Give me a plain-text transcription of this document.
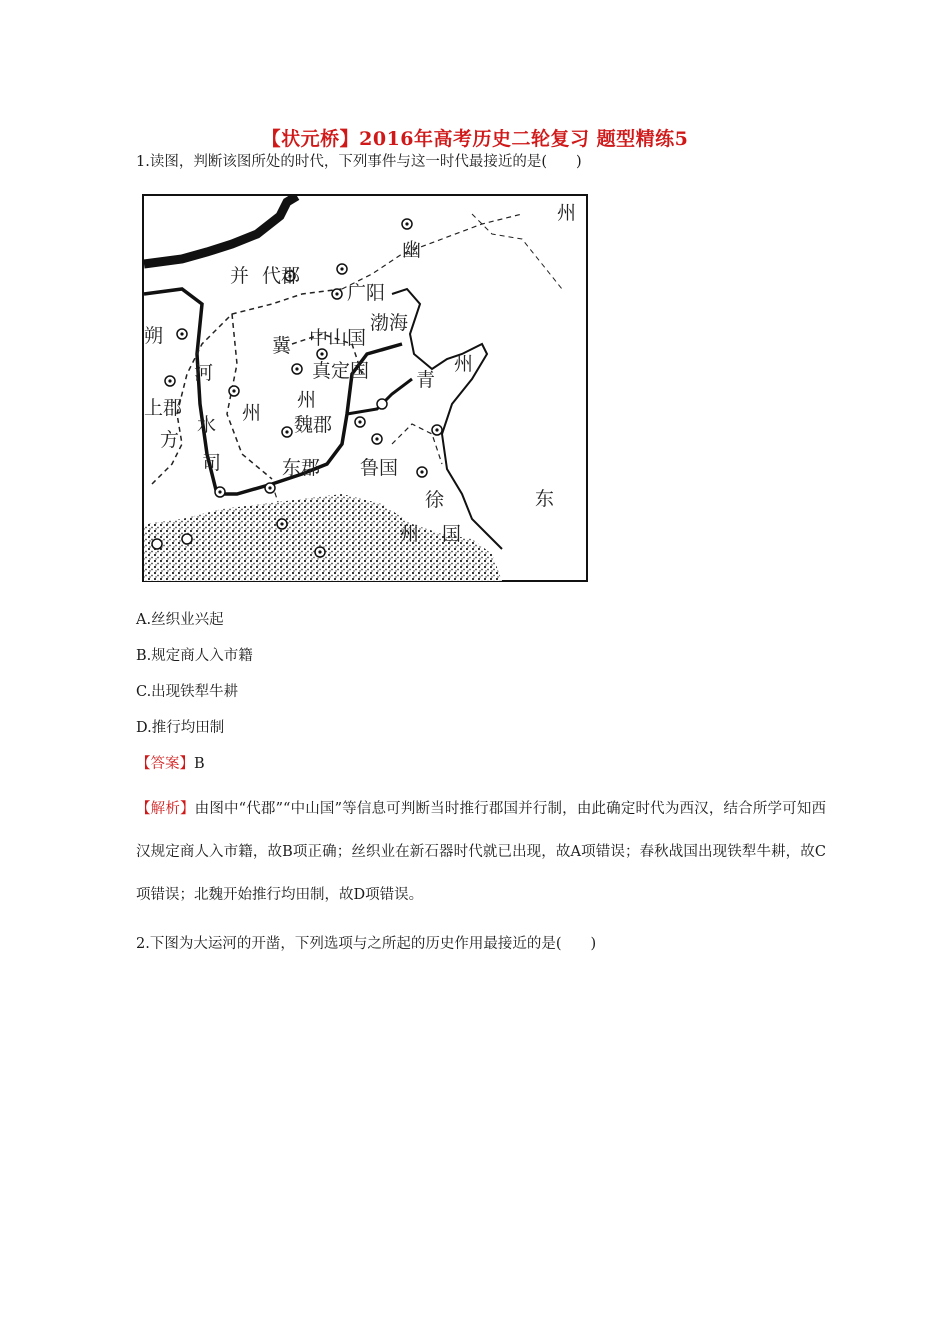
【状元桥】2016年高考历史二轮复习 题型精练5
1.读图，判断该图所处的时代，下列事件与这一时代最接近的是(　　)
州
幽
并 代郡
广阳
朔
渤海
中山国
冀
真定国 青
州
河
上郡	州
州
魏郡
水
方
司	东郡 鲁国
东
徐
州 国
A.丝织业兴起
B.规定商人入市籍
C.出现铁犁牛耕
D.推行均田制
【答案】B
【解析】由图中“代郡”“中山国”等信息可判断当时推行郡国并行制，由此确定时代为西汉，结合所学可知西汉规定商人入市籍，故B项正确；丝织业在新石器时代就已出现，故A项错误；春秋战国出现铁犁牛耕，故C项错误；北魏开始推行均田制，故D项错误。
2.下图为大运河的开凿，下列选项与之所起的历史作用最接近的是(　　)
